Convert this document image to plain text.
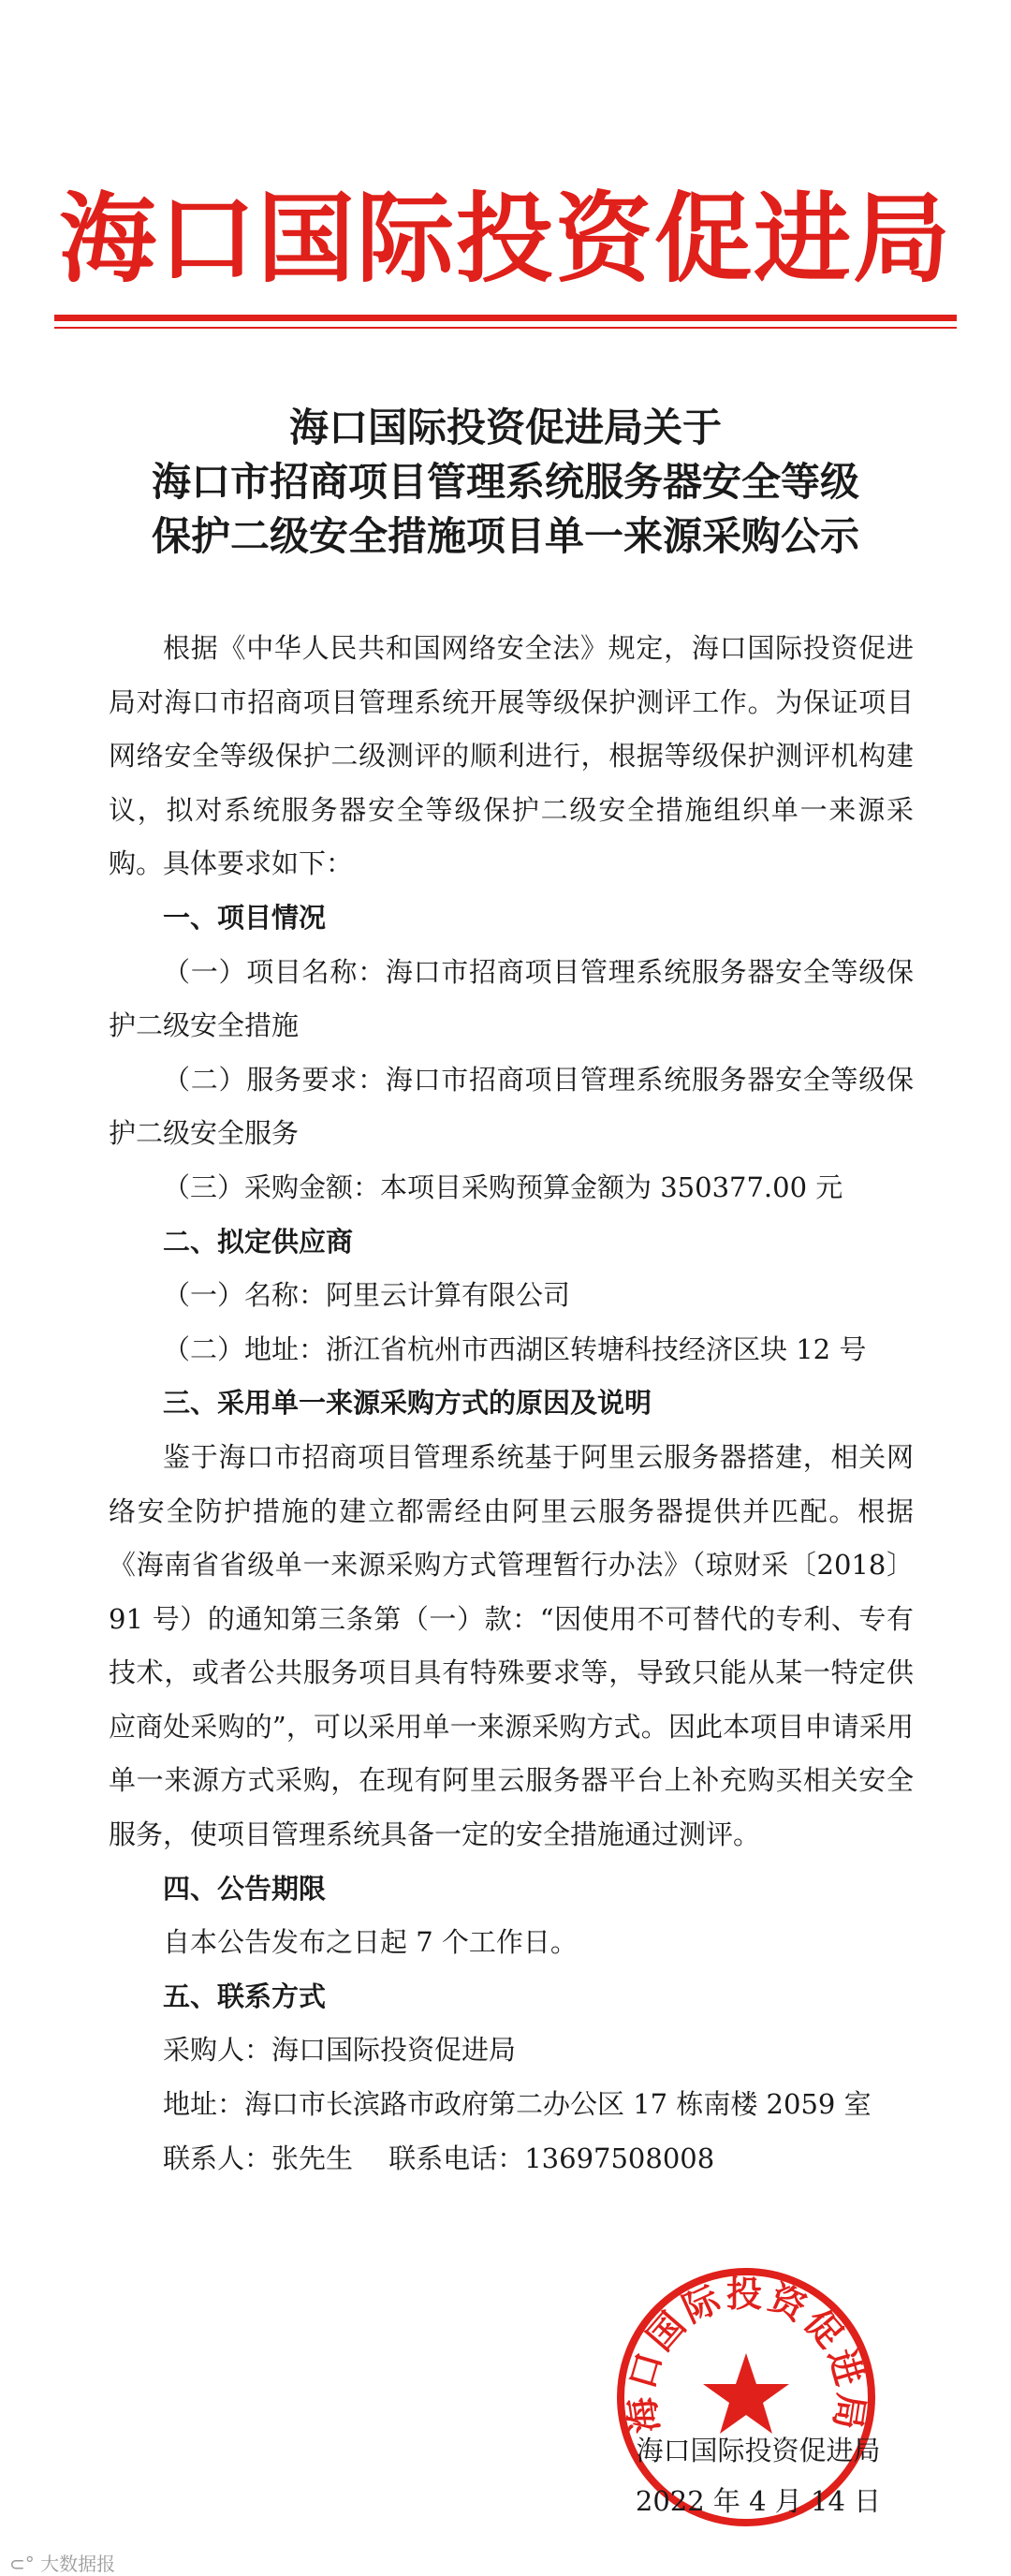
海口国际投资促进局
海口国际投资促进局关于
海口市招商项目管理系统服务器安全等级
保护二级安全措施项目单一来源采购公示

根据《中华人民共和国网络安全法》规定，海口国际投资促进局对海口市招商项目管理系统开展等级保护测评工作。为保证项目网络安全等级保护二级测评的顺利进行，根据等级保护测评机构建议，拟对系统服务器安全等级保护二级安全措施组织单一来源采购。具体要求如下：

一、项目情况

（一）项目名称：海口市招商项目管理系统服务器安全等级保护二级安全措施

（二）服务要求：海口市招商项目管理系统服务器安全等级保护二级安全服务

（三）采购金额：本项目采购预算金额为 350377.00 元

二、拟定供应商

（一）名称：阿里云计算有限公司

（二）地址：浙江省杭州市西湖区转塘科技经济区块 12 号

三、采用单一来源采购方式的原因及说明

鉴于海口市招商项目管理系统基于阿里云服务器搭建，相关网络安全防护措施的建立都需经由阿里云服务器提供并匹配。根据《海南省省级单一来源采购方式管理暂行办法》（琼财采〔2018〕91 号）的通知第三条第（一）款：“因使用不可替代的专利、专有技术，或者公共服务项目具有特殊要求等，导致只能从某一特定供应商处采购的”，可以采用单一来源采购方式。因此本项目申请采用单一来源方式采购，在现有阿里云服务器平台上补充购买相关安全服务，使项目管理系统具备一定的安全措施通过测评。

四、公告期限

自本公告发布之日起 7 个工作日。

五、联系方式

采购人：海口国际投资促进局

地址：海口市长滨路市政府第二办公区 17 栋南楼 2059 室

联系人：张先生　 联系电话：13697508008

海口国际投资促进局
海口国际投资促进局
2022 年 4 月 14 日
⊂° 大数据报
